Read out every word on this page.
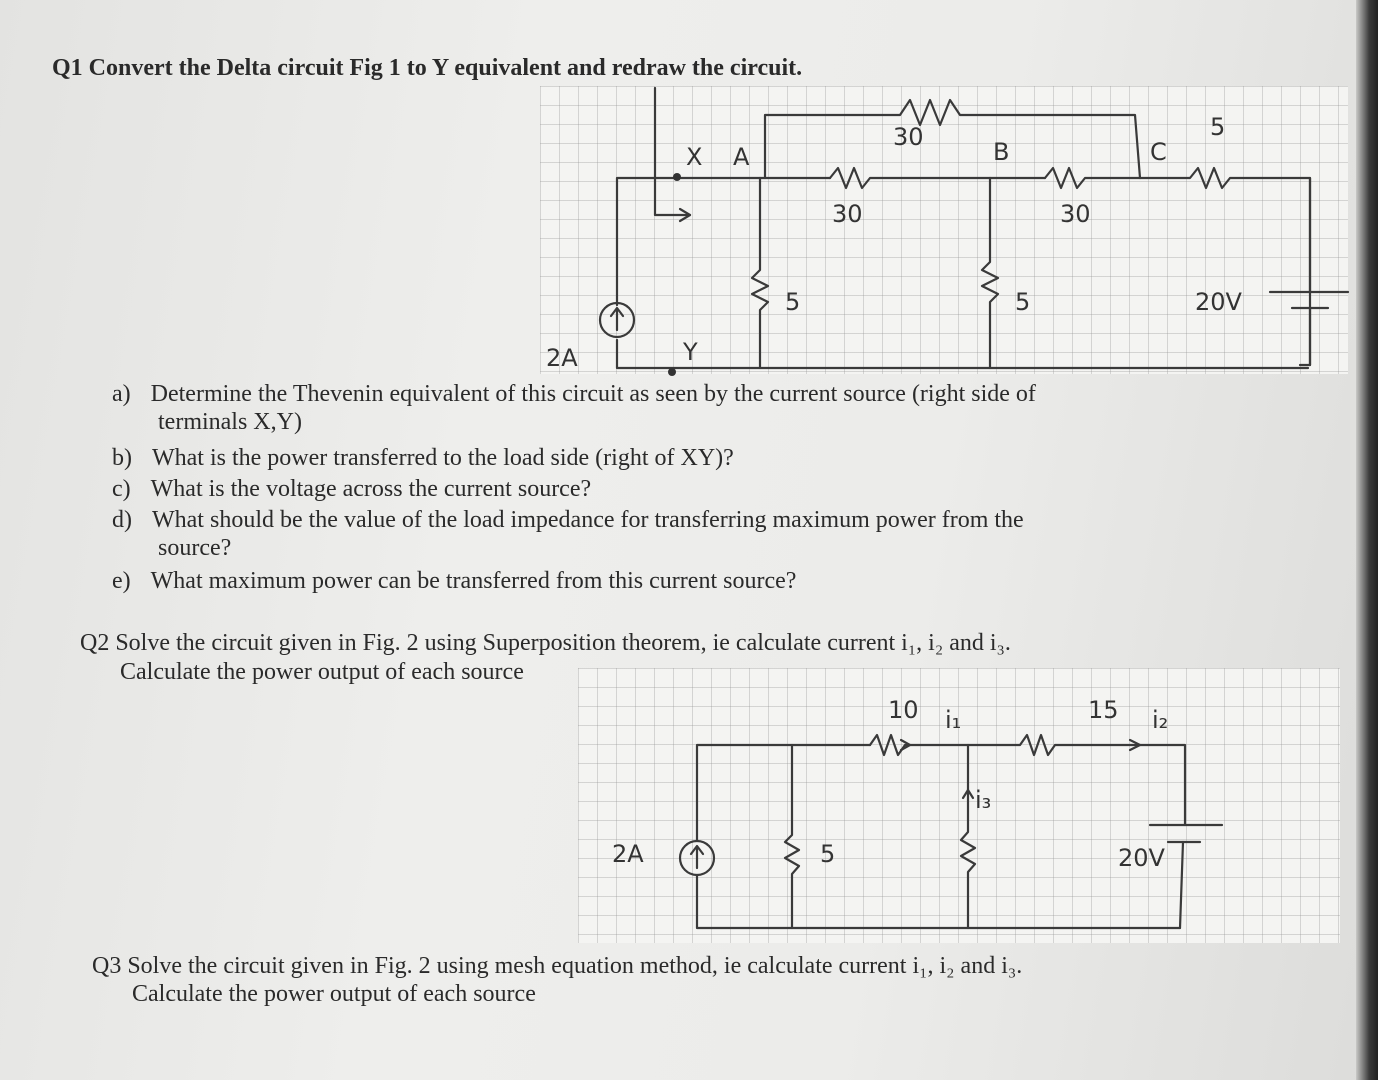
Q1 Convert the Delta circuit Fig 1 to Y equivalent and redraw the circuit.
X A	B	C
Y
30
30	30
5
5	5
2A
20V
a) Determine the Thevenin equivalent of this circuit as seen by the current source (right side of
terminals X,Y)
b) What is the power transferred to the load side (right of XY)?
c) What is the voltage across the current source?
d) What should be the value of the load impedance for transferring maximum power from the
source?
e) What maximum power can be transferred from this current source?
Q2 Solve the circuit given in Fig. 2 using Superposition theorem, ie calculate current i₁, i₂ and i₃.
Calculate the power output of each source
2A	5
10	15
i₁	i₂
i₃
20V
Q3 Solve the circuit given in Fig. 2 using mesh equation method, ie calculate current i₁, i₂ and i₃.
Calculate the power output of each source
